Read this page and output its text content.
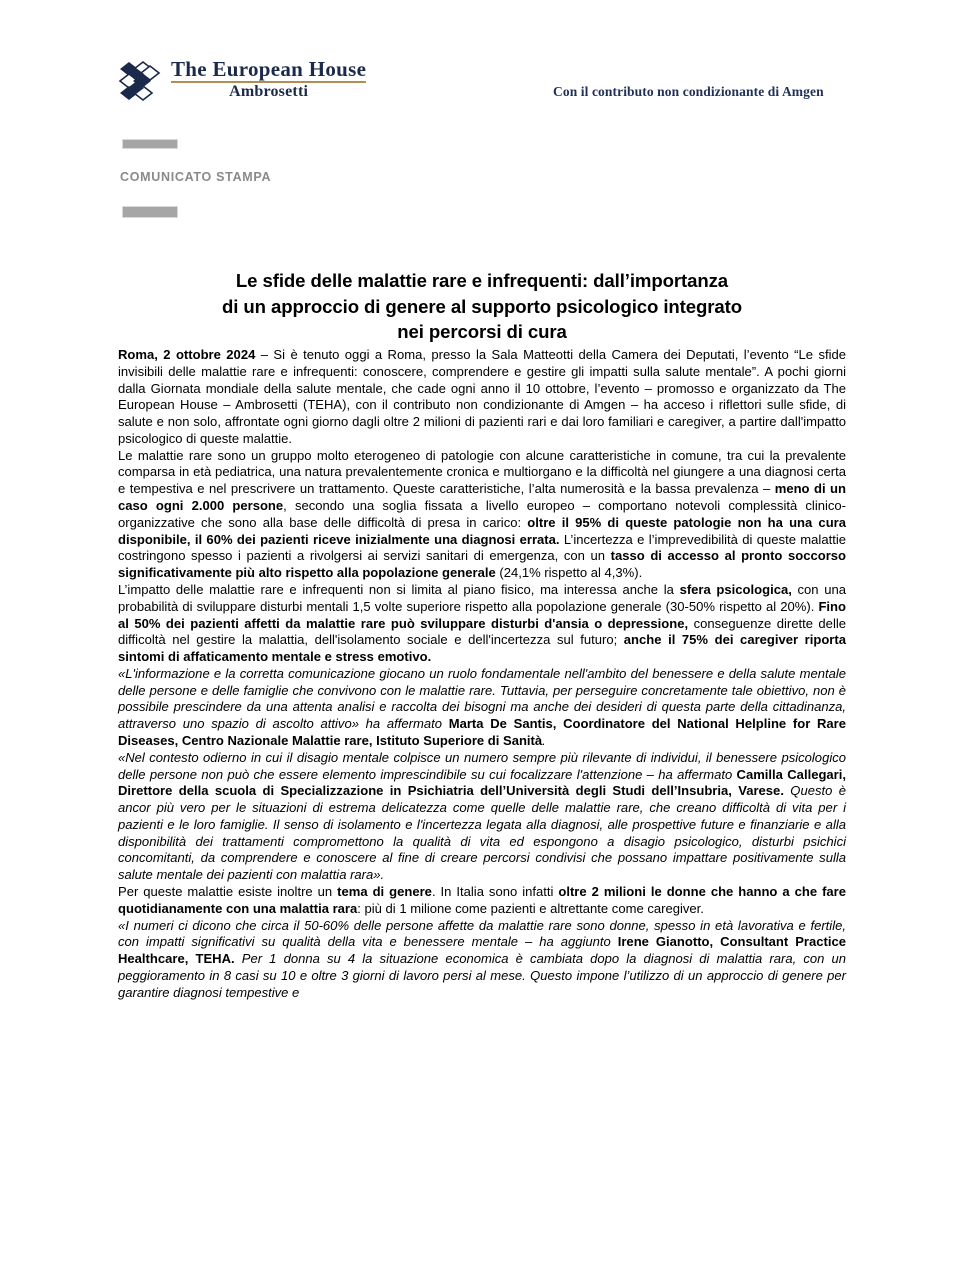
The European House
Ambrosetti	Con il contributo non condizionante di Amgen
COMUNICATO STAMPA
Le sfide delle malattie rare e infrequenti: dall’importanza
di un approccio di genere al supporto psicologico integrato
nei percorsi di cura

Roma, 2 ottobre 2024 – Si è tenuto oggi a Roma, presso la Sala Matteotti della Camera dei Deputati, l’evento “Le sfide invisibili delle malattie rare e infrequenti: conoscere, comprendere e gestire gli impatti sulla salute mentale”. A pochi giorni dalla Giornata mondiale della salute mentale, che cade ogni anno il 10 ottobre, l’evento – promosso e organizzato da The European House – Ambrosetti (TEHA), con il contributo non condizionante di Amgen – ha acceso i riflettori sulle sfide, di salute e non solo, affrontate ogni giorno dagli oltre 2 milioni di pazienti rari e dai loro familiari e caregiver, a partire dall'impatto psicologico di queste malattie.

Le malattie rare sono un gruppo molto eterogeneo di patologie con alcune caratteristiche in comune, tra cui la prevalente comparsa in età pediatrica, una natura prevalentemente cronica e multiorgano e la difficoltà nel giungere a una diagnosi certa e tempestiva e nel prescrivere un trattamento. Queste caratteristiche, l’alta numerosità e la bassa prevalenza – meno di un caso ogni 2.000 persone, secondo una soglia fissata a livello europeo – comportano notevoli complessità clinico-organizzative che sono alla base delle difficoltà di presa in carico: oltre il 95% di queste patologie non ha una cura disponibile, il 60% dei pazienti riceve inizialmente una diagnosi errata. L’incertezza e l’imprevedibilità di queste malattie costringono spesso i pazienti a rivolgersi ai servizi sanitari di emergenza, con un tasso di accesso al pronto soccorso significativamente più alto rispetto alla popolazione generale (24,1% rispetto al 4,3%).

L’impatto delle malattie rare e infrequenti non si limita al piano fisico, ma interessa anche la sfera psicologica, con una probabilità di sviluppare disturbi mentali 1,5 volte superiore rispetto alla popolazione generale (30-50% rispetto al 20%). Fino al 50% dei pazienti affetti da malattie rare può sviluppare disturbi d'ansia o depressione, conseguenze dirette delle difficoltà nel gestire la malattia, dell'isolamento sociale e dell'incertezza sul futuro; anche il 75% dei caregiver riporta sintomi di affaticamento mentale e stress emotivo.

«L'informazione e la corretta comunicazione giocano un ruolo fondamentale nell'ambito del benessere e della salute mentale delle persone e delle famiglie che convivono con le malattie rare. Tuttavia, per perseguire concretamente tale obiettivo, non è possibile prescindere da una attenta analisi e raccolta dei bisogni ma anche dei desideri di questa parte della cittadinanza, attraverso uno spazio di ascolto attivo» ha affermato Marta De Santis, Coordinatore del National Helpline for Rare Diseases, Centro Nazionale Malattie rare, Istituto Superiore di Sanità.

«Nel contesto odierno in cui il disagio mentale colpisce un numero sempre più rilevante di individui, il benessere psicologico delle persone non può che essere elemento imprescindibile su cui focalizzare l'attenzione – ha affermato Camilla Callegari, Direttore della scuola di Specializzazione in Psichiatria dell’Università degli Studi dell’Insubria, Varese. Questo è ancor più vero per le situazioni di estrema delicatezza come quelle delle malattie rare, che creano difficoltà di vita per i pazienti e le loro famiglie. Il senso di isolamento e l'incertezza legata alla diagnosi, alle prospettive future e finanziarie e alla disponibilità dei trattamenti compromettono la qualità di vita ed espongono a disagio psicologico, disturbi psichici concomitanti, da comprendere e conoscere al fine di creare percorsi condivisi che possano impattare positivamente sulla salute mentale dei pazienti con malattia rara».

Per queste malattie esiste inoltre un tema di genere. In Italia sono infatti oltre 2 milioni le donne che hanno a che fare quotidianamente con una malattia rara: più di 1 milione come pazienti e altrettante come caregiver.

«I numeri ci dicono che circa il 50-60% delle persone affette da malattie rare sono donne, spesso in età lavorativa e fertile, con impatti significativi su qualità della vita e benessere mentale – ha aggiunto Irene Gianotto, Consultant Practice Healthcare, TEHA. Per 1 donna su 4 la situazione economica è cambiata dopo la diagnosi di malattia rara, con un peggioramento in 8 casi su 10 e oltre 3 giorni di lavoro persi al mese. Questo impone l’utilizzo di un approccio di genere per garantire diagnosi tempestive e
